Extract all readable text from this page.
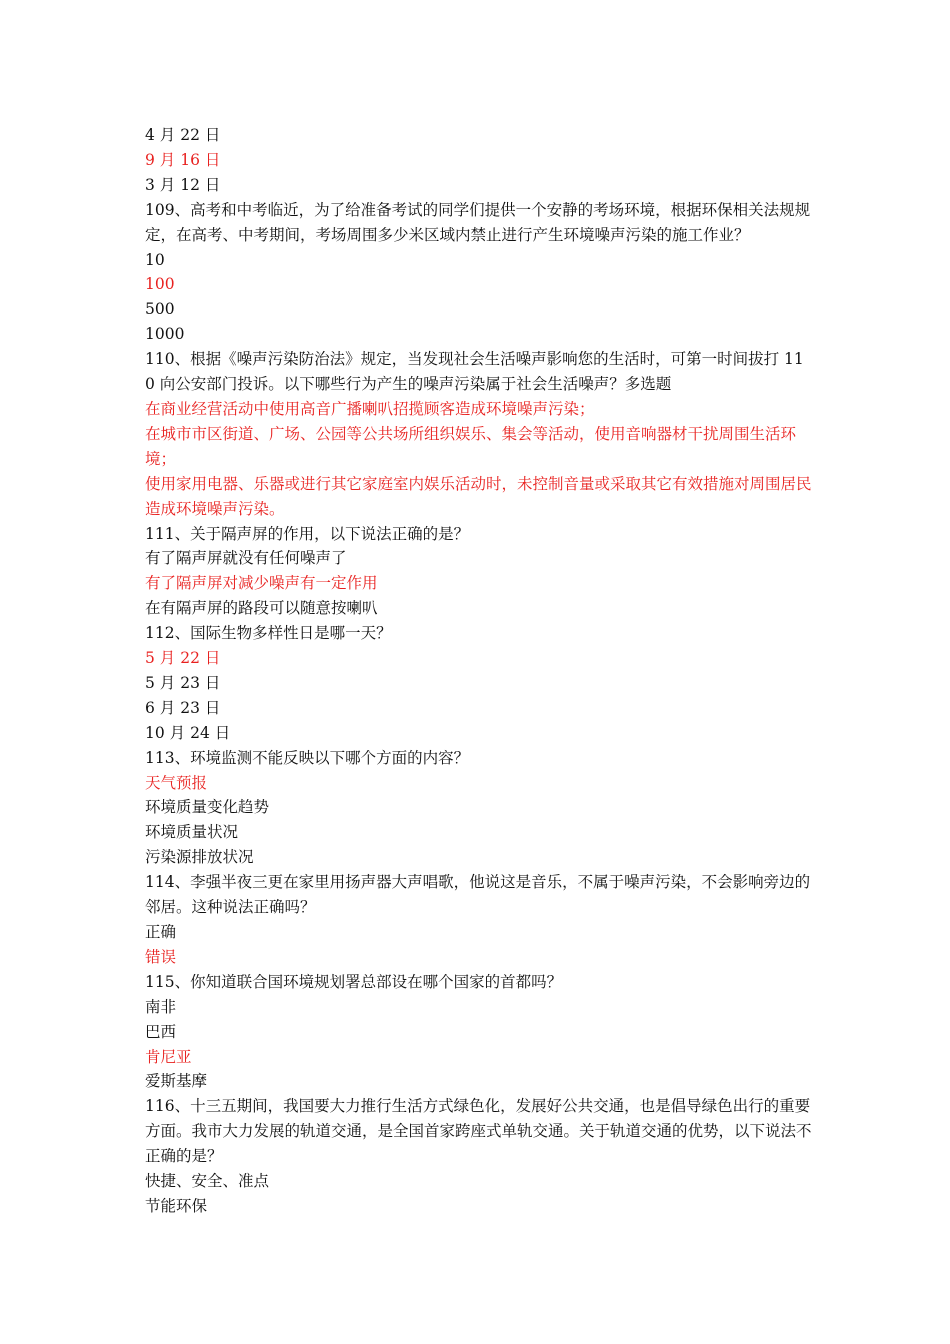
4 月 22 日

9 月 16 日

3 月 12 日

109、高考和中考临近，为了给准备考试的同学们提供一个安静的考场环境，根据环保相关法规规定，在高考、中考期间，考场周围多少米区域内禁止进行产生环境噪声污染的施工作业？

10

100

500

1000

110、根据《噪声污染防治法》规定，当发现社会生活噪声影响您的生活时，可第一时间拔打 110 向公安部门投诉。以下哪些行为产生的噪声污染属于社会生活噪声？多选题

在商业经营活动中使用高音广播喇叭招揽顾客造成环境噪声污染；

在城市市区街道、广场、公园等公共场所组织娱乐、集会等活动，使用音响器材干扰周围生活环境；

使用家用电器、乐器或进行其它家庭室内娱乐活动时，未控制音量或采取其它有效措施对周围居民造成环境噪声污染。

111、关于隔声屏的作用，以下说法正确的是？

有了隔声屏就没有任何噪声了

有了隔声屏对减少噪声有一定作用

在有隔声屏的路段可以随意按喇叭

112、国际生物多样性日是哪一天？

5 月 22 日

5 月 23 日

6 月 23 日

10 月 24 日

113、环境监测不能反映以下哪个方面的内容？

天气预报

环境质量变化趋势

环境质量状况

污染源排放状况

114、李强半夜三更在家里用扬声器大声唱歌，他说这是音乐，不属于噪声污染，不会影响旁边的邻居。这种说法正确吗？

正确

错误

115、你知道联合国环境规划署总部设在哪个国家的首都吗？

南非

巴西

肯尼亚

爱斯基摩

116、十三五期间，我国要大力推行生活方式绿色化，发展好公共交通，也是倡导绿色出行的重要方面。我市大力发展的轨道交通，是全国首家跨座式单轨交通。关于轨道交通的优势，以下说法不正确的是？

快捷、安全、准点

节能环保
